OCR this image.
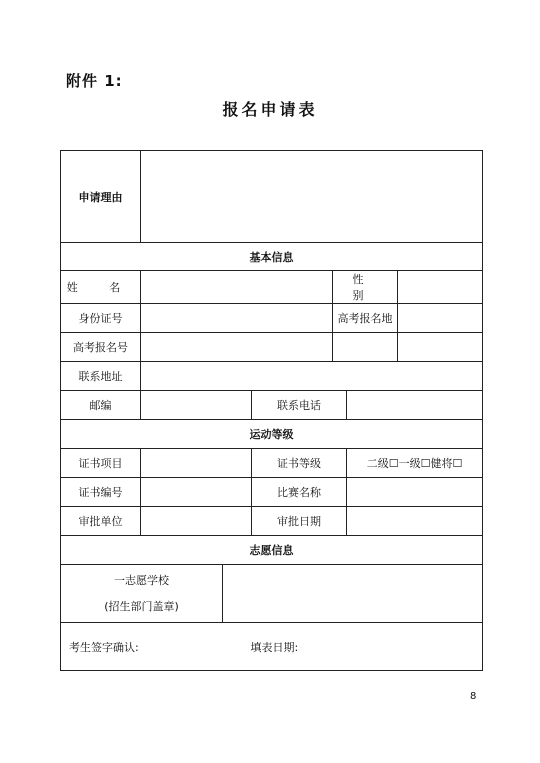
附件 1:
报名申请表
申请理由						
基本信息						
姓 名				性 别		
身份证号				高考报名地		
高考报名号						
联系地址						
邮编			联系电话			
运动等级						
证书项目			证书等级		二级☐一级☐健将☐	
证书编号			比赛名称			
审批单位			审批日期			
志愿信息						

一志愿学校
(招生部门盖章)						

考生签字确认: 填表日期:						
8
